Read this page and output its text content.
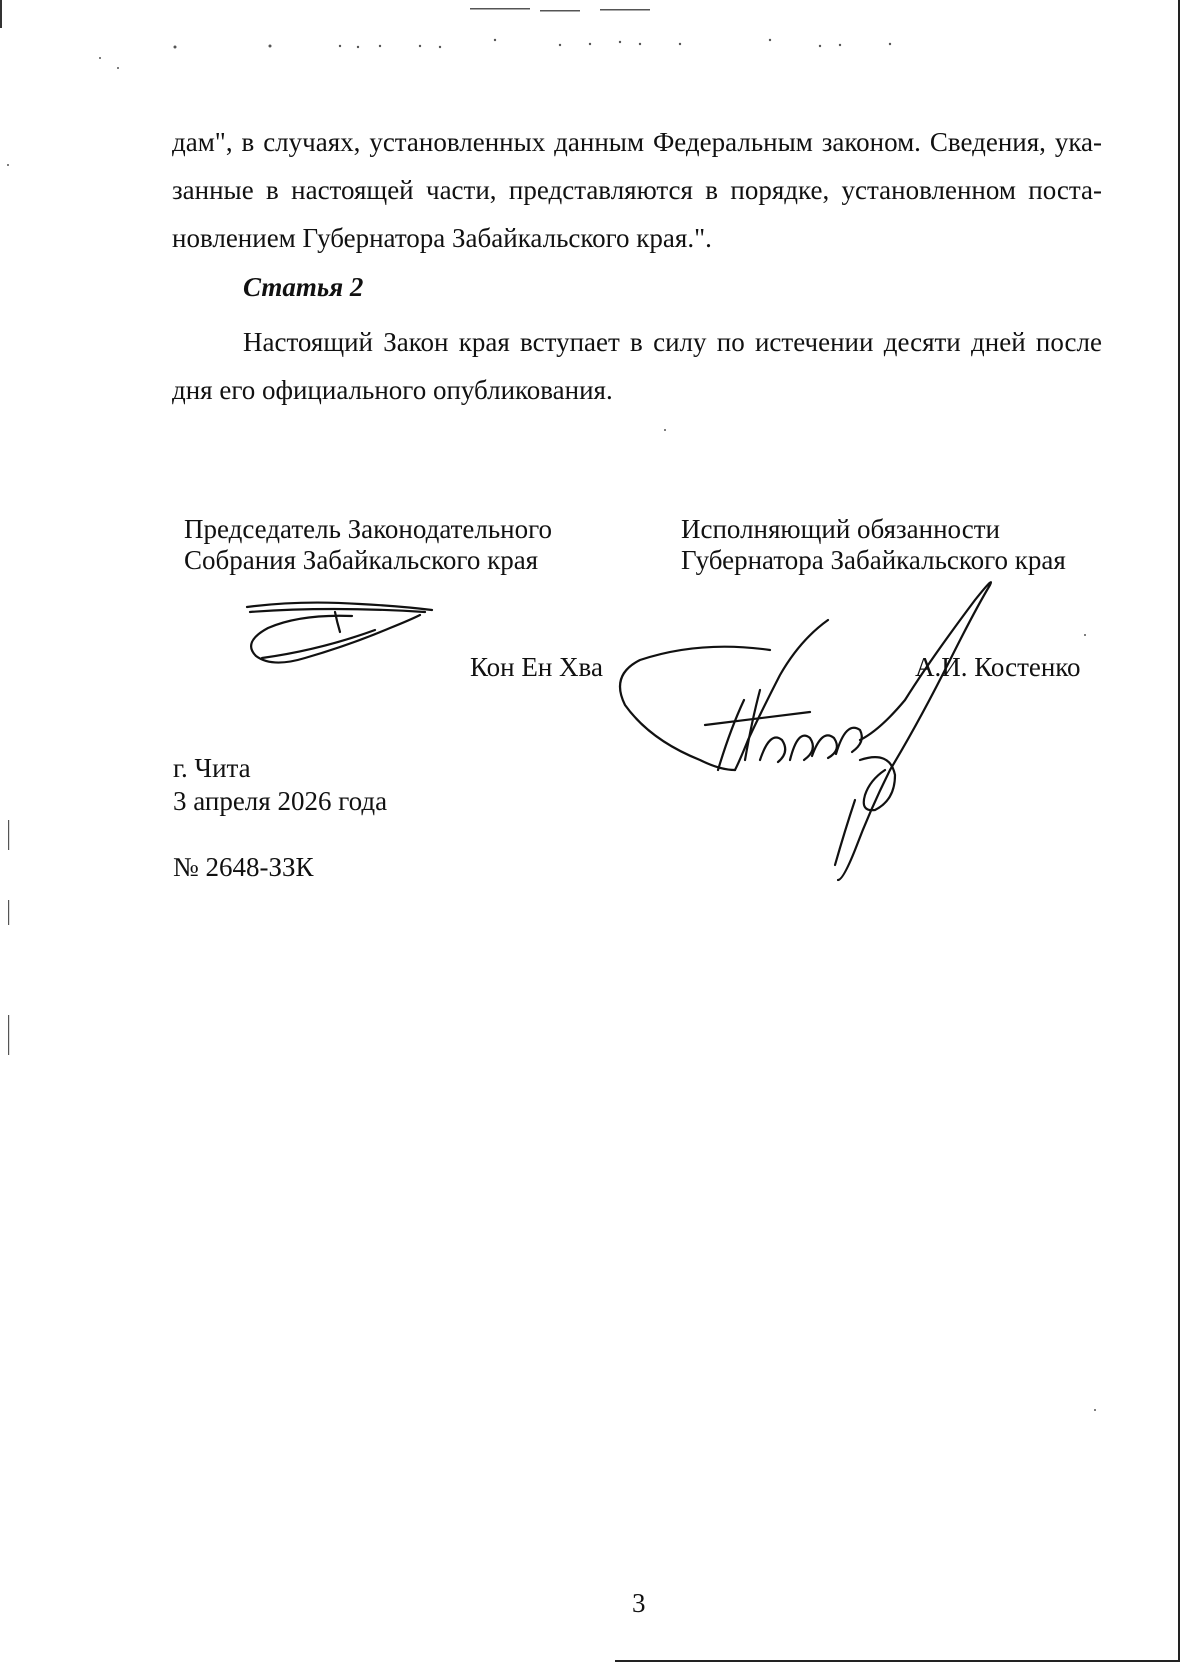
дам", в случаях, установленных данным Федеральным законом. Сведения, ука-
занные в настоящей части, представляются в порядке, установленном поста-
новлением Губернатора Забайкальского края.".
Статья 2
Настоящий Закон края вступает в силу по истечении десяти дней после
дня его официального опубликования.
Председатель Законодательного
Собрания Забайкальского края
Исполняющий обязанности
Губернатора Забайкальского края
Кон Ен Хва	А.И. Костенко
г. Чита
3 апреля 2026 года
№ 2648-ЗЗК
3
